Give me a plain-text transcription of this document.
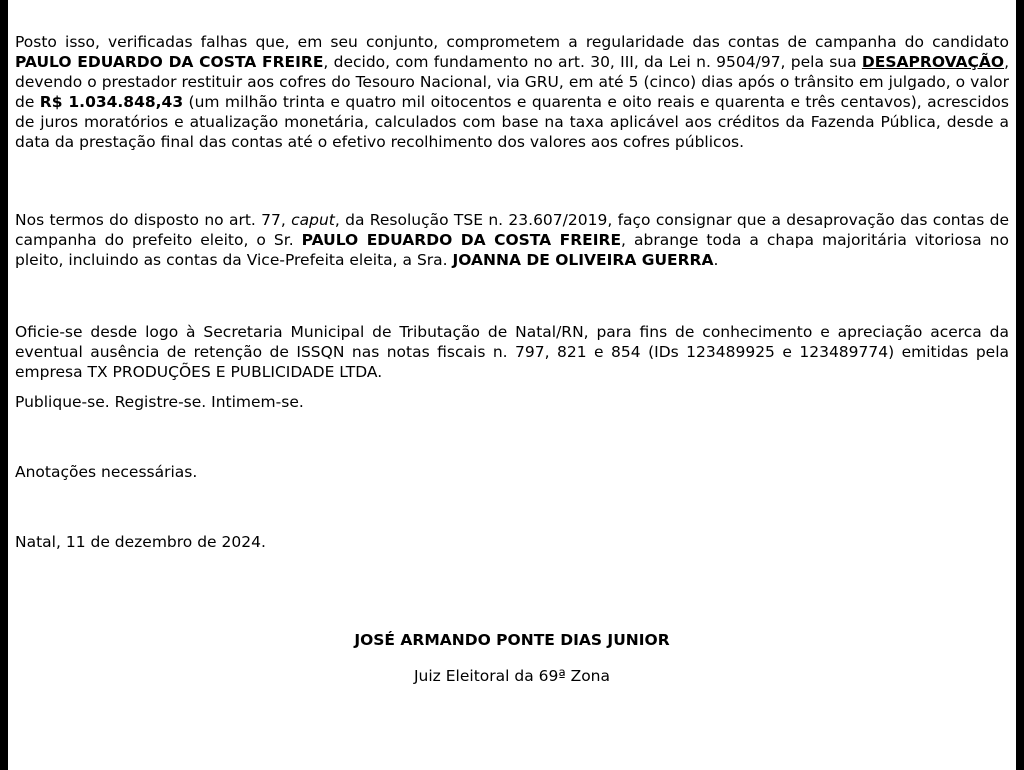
Posto isso, verificadas falhas que, em seu conjunto, comprometem a regularidade das contas de campanha do candidato PAULO EDUARDO DA COSTA FREIRE, decido, com fundamento no art. 30, III, da Lei n. 9504/97, pela sua DESAPROVAÇÃO, devendo o prestador restituir aos cofres do Tesouro Nacional, via GRU, em até 5 (cinco) dias após o trânsito em julgado, o valor de R$ 1.034.848,43 (um milhão trinta e quatro mil oitocentos e quarenta e oito reais e quarenta e três centavos), acrescidos de juros moratórios e atualização monetária, calculados com base na taxa aplicável aos créditos da Fazenda Pública, desde a data da prestação final das contas até o efetivo recolhimento dos valores aos cofres públicos.

Nos termos do disposto no art. 77, caput, da Resolução TSE n. 23.607/2019, faço consignar que a desaprovação das contas de campanha do prefeito eleito, o Sr. PAULO EDUARDO DA COSTA FREIRE, abrange toda a chapa majoritária vitoriosa no pleito, incluindo as contas da Vice-Prefeita eleita, a Sra. JOANNA DE OLIVEIRA GUERRA.

Oficie-se desde logo à Secretaria Municipal de Tributação de Natal/RN, para fins de conhecimento e apreciação acerca da eventual ausência de retenção de ISSQN nas notas fiscais n. 797, 821 e 854 (IDs 123489925 e 123489774) emitidas pela empresa TX PRODUÇÕES E PUBLICIDADE LTDA.

Publique-se. Registre-se. Intimem-se.

Anotações necessárias.

Natal, 11 de dezembro de 2024.

JOSÉ ARMANDO PONTE DIAS JUNIOR

Juiz Eleitoral da 69ª Zona
